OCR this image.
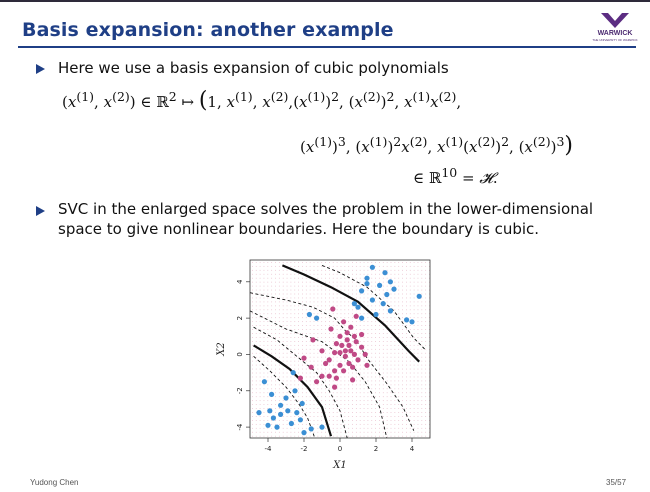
Basis expansion: another example	WARWICK
THE UNIVERSITY OF WARWICK
Here we use a basis expansion of cubic polynomials
($x^{(1)}$, $x^{(2)}$) ∈ ℝ$^2$ ↦ (1, $x^{(1)}$, $x^{(2)},(x^{(1)})^2$, $(x^{(2)})^2$, $x^{(1)}x^{(2)}$,
$(x^{(1)})^3$, $(x^{(1)})^2x^{(2)}$, $x^{(1)}(x^{(2)})^2$, $(x^{(2)})^3$)
∈ ℝ$^{10}$ = 𝓗.
SVC in the enlarged space solves the problem in the lower-dimensional
space to give nonlinear boundaries. Here the boundary is cubic.
-4	-2	0	2	4
-4
-2
0
2
4
X1
X2
Yudong Chen	35/57
